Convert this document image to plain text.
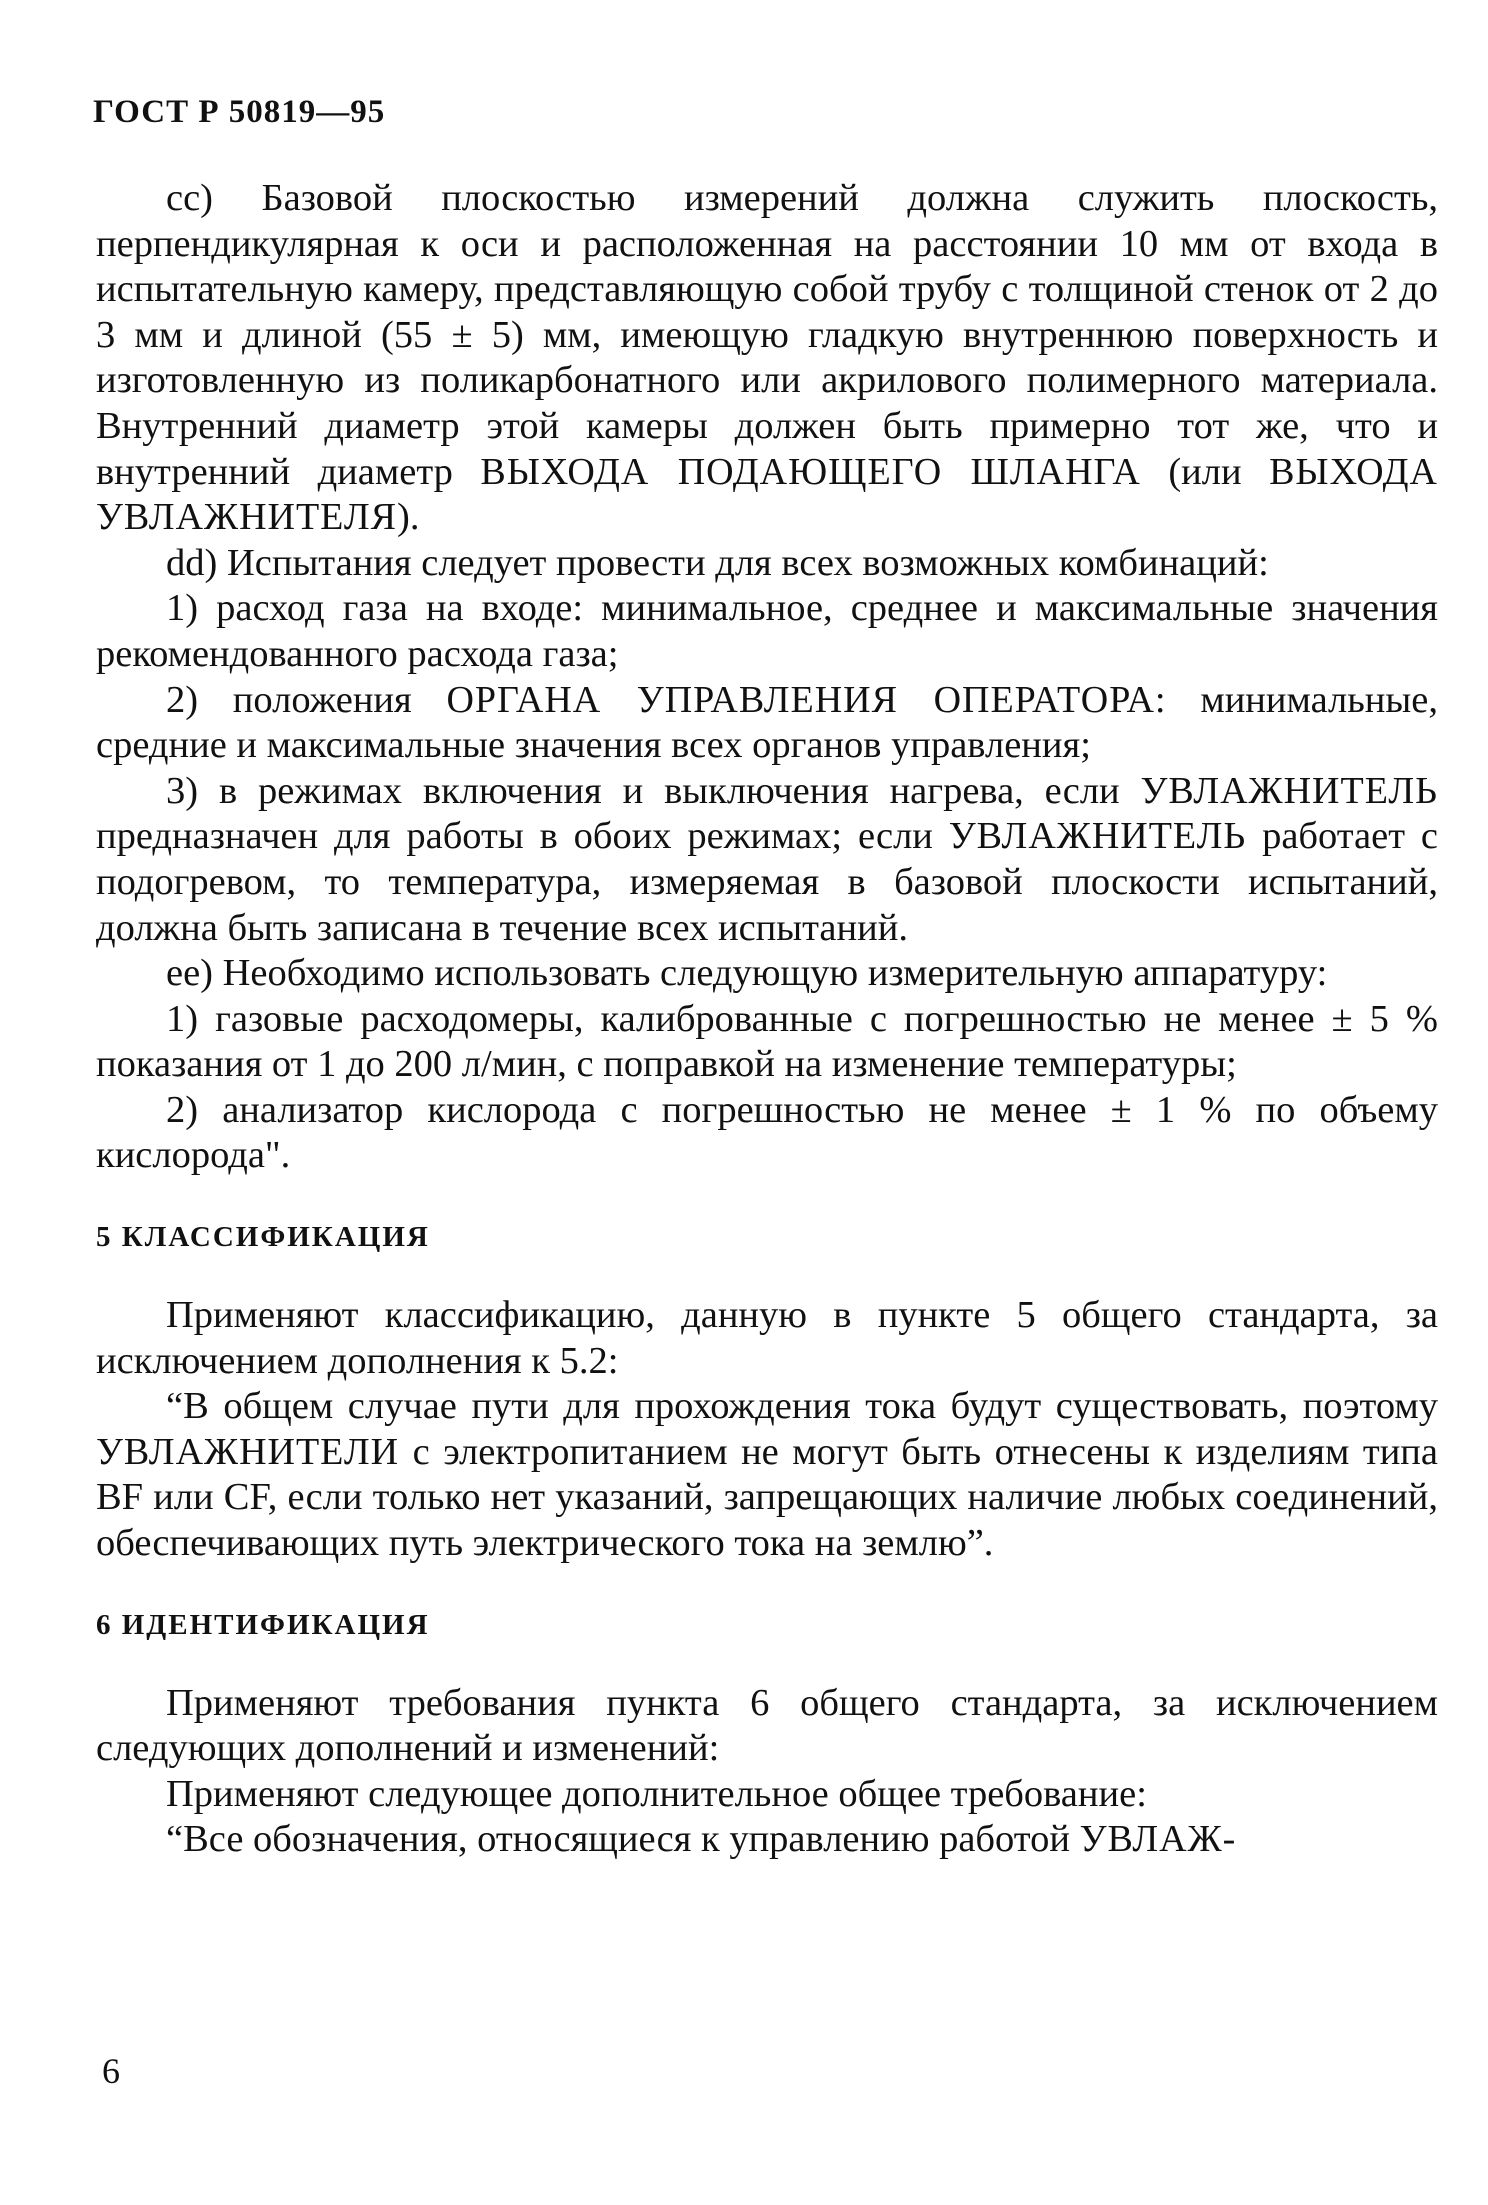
ГОСТ Р 50819—95

cc) Базовой плоскостью измерений должна служить плоскость, перпендикулярная к оси и расположенная на расстоянии 10 мм от входа в испытательную камеру, представляющую собой трубу с толщиной стенок от 2 до 3 мм и длиной (55 ± 5) мм, имеющую гладкую внутреннюю поверхность и изготовленную из поликарбонатного или акрилового полимерного материала. Внутренний диаметр этой камеры должен быть примерно тот же, что и внутренний диаметр ВЫХОДА ПОДАЮЩЕГО ШЛАНГА (или ВЫХОДА УВЛАЖНИТЕЛЯ).

dd) Испытания следует провести для всех возможных комбинаций:

1) расход газа на входе: минимальное, среднее и максимальные значения рекомендованного расхода газа;

2) положения ОРГАНА УПРАВЛЕНИЯ ОПЕРАТОРА: минимальные, средние и максимальные значения всех органов управления;

3) в режимах включения и выключения нагрева, если УВЛАЖНИТЕЛЬ предназначен для работы в обоих режимах; если УВЛАЖНИТЕЛЬ работает с подогревом, то температура, измеряемая в базовой плоскости испытаний, должна быть записана в течение всех испытаний.

ee) Необходимо использовать следующую измерительную аппаратуру:

1) газовые расходомеры, калиброванные с погрешностью не менее ± 5 % показания от 1 до 200 л/мин, с поправкой на изменение температуры;

2) анализатор кислорода с погрешностью не менее ± 1 % по объему кислорода".

5 КЛАССИФИКАЦИЯ

Применяют классификацию, данную в пункте 5 общего стандарта, за исключением дополнения к 5.2:

“В общем случае пути для прохождения тока будут существовать, поэтому УВЛАЖНИТЕЛИ с электропитанием не могут быть отнесены к изделиям типа BF или CF, если только нет указаний, запрещающих наличие любых соединений, обеспечивающих путь электрического тока на землю”.

6 ИДЕНТИФИКАЦИЯ

Применяют требования пункта 6 общего стандарта, за исключением следующих дополнений и изменений:

Применяют следующее дополнительное общее требование:

“Все обозначения, относящиеся к управлению работой УВЛАЖ-

6
